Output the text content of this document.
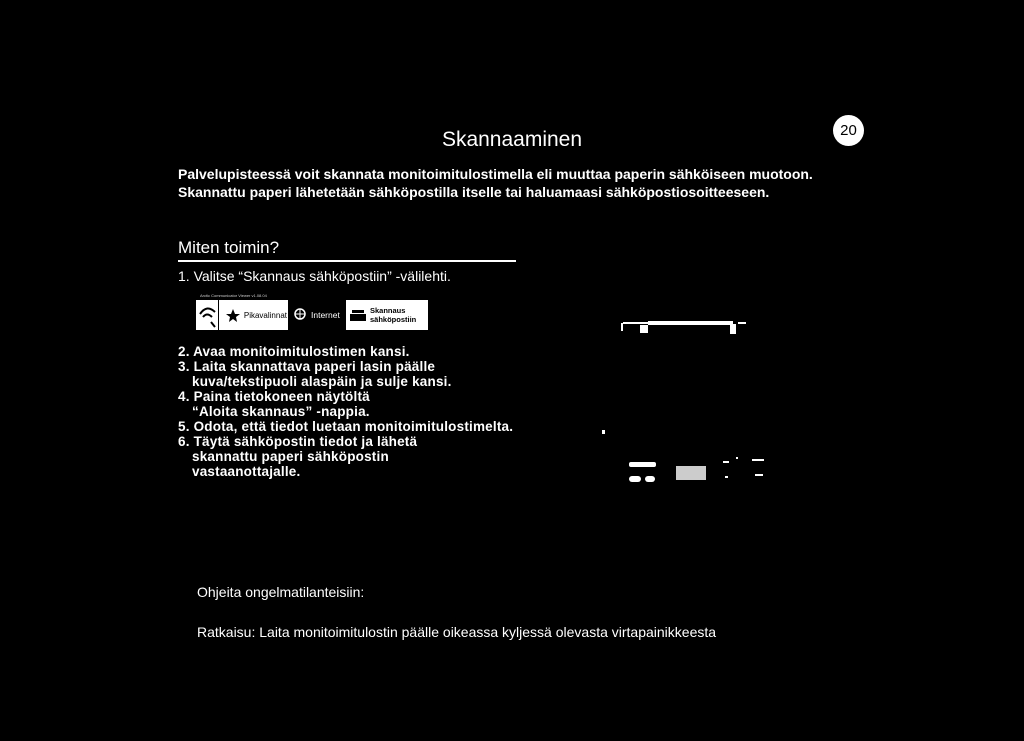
Skannaaminen	20
Palvelupisteessä voit skannata monitoimitulostimella eli muuttaa paperin sähköiseen muotoon.
Skannattu paperi lähetetään sähköpostilla itselle tai haluamaasi sähköpostiosoitteeseen.
Miten toimin?
1. Valitse “Skannaus sähköpostiin” -välilehti.
Arctic Communicator Viewer v1.08.04
Pikavalinnat	Internet	Skannaus
sähköpostiin
2. Avaa monitoimitulostimen kansi.
3. Laita skannattava paperi lasin päälle
kuva/tekstipuoli alaspäin ja sulje kansi.
4. Paina tietokoneen näytöltä
“Aloita skannaus” -nappia.
5. Odota, että tiedot luetaan monitoimitulostimelta.
6. Täytä sähköpostin tiedot ja lähetä
skannattu paperi sähköpostin
vastaanottajalle.
Ohjeita ongelmatilanteisiin:
Ratkaisu: Laita monitoimitulostin päälle oikeassa kyljessä olevasta virtapainikkeesta
